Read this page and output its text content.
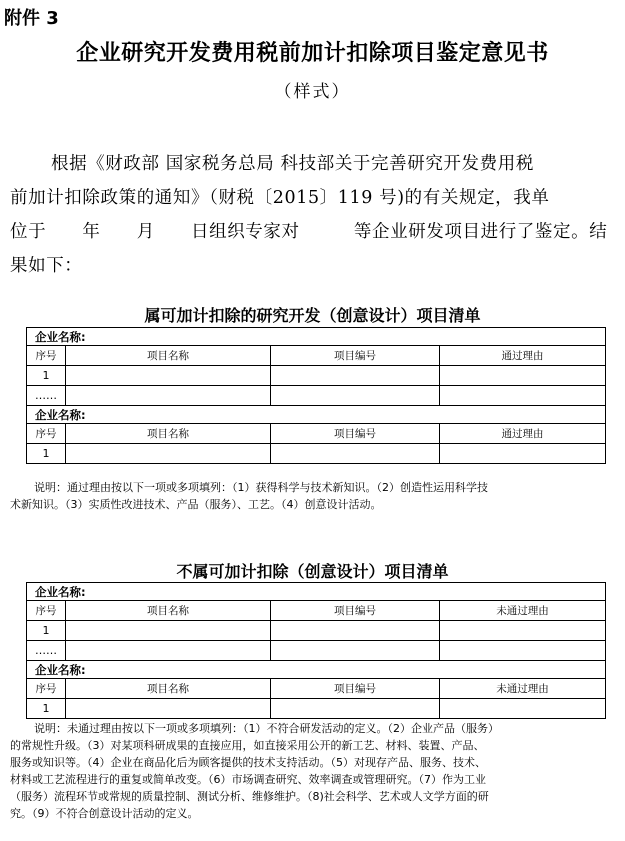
附件 3
企业研究开发费用税前加计扣除项目鉴定意见书
（样式）
根据《财政部 国家税务总局 科技部关于完善研究开发费用税
前加计扣除政策的通知》（财税〔2015〕119 号)的有关规定，我单
位于　　年　　月　　日组织专家对　　　等企业研发项目进行了鉴定。结
果如下：
属可加计扣除的研究开发（创意设计）项目清单
企业名称:			
序号	项目名称	项目编号	通过理由
1			
……			
企业名称:			
序号	项目名称	项目编号	通过理由
1			
说明：通过理由按以下一项或多项填列：（1）获得科学与技术新知识。（2）创造性运用科学技
术新知识。（3）实质性改进技术、产品（服务）、工艺。（4）创意设计活动。
不属可加计扣除（创意设计）项目清单
企业名称:			
序号	项目名称	项目编号	未通过理由
1			
……			
企业名称:			
序号	项目名称	项目编号	未通过理由
1			
说明：未通过理由按以下一项或多项填列：（1）不符合研发活动的定义。（2）企业产品（服务）
的常规性升级。（3）对某项科研成果的直接应用，如直接采用公开的新工艺、材料、装置、产品、
服务或知识等。（4）企业在商品化后为顾客提供的技术支持活动。（5）对现存产品、服务、技术、
材料或工艺流程进行的重复或简单改变。（6）市场调查研究、效率调查或管理研究。（7）作为工业
（服务）流程环节或常规的质量控制、测试分析、维修维护。（8)社会科学、艺术或人文学方面的研
究。（9）不符合创意设计活动的定义。
